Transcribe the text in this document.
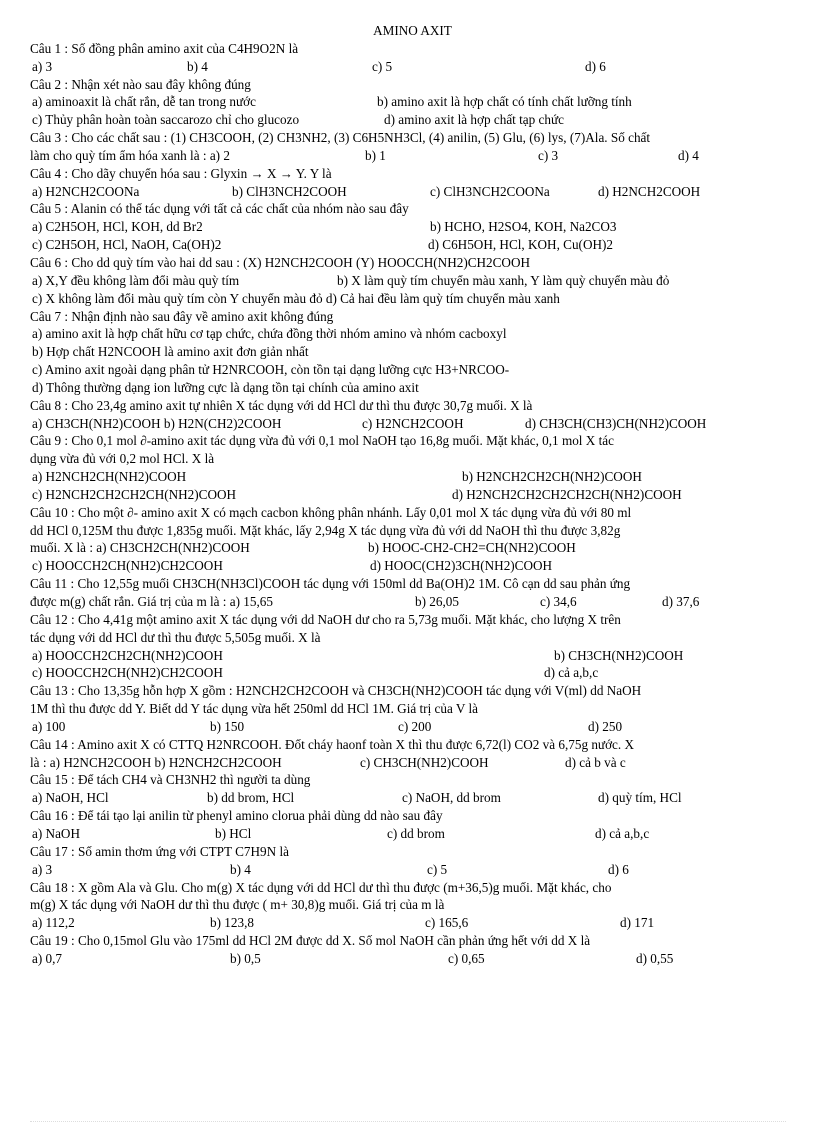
AMINO AXIT
Câu 1 : Số đồng phân amino axit của C4H9O2N là
a) 3	b) 4	c) 5	d) 6
Câu 2 : Nhận xét nào sau đây không đúng
a) aminoaxit là chất rắn, dễ tan trong nước	b) amino axit là hợp chất có tính chất lưỡng tính
c) Thủy phân hoàn toàn saccarozo chỉ cho glucozo	d) amino axit là hợp chất tạp chức
Câu 3 : Cho các chất sau : (1) CH3COOH, (2) CH3NH2, (3) C6H5NH3Cl, (4) anilin, (5) Glu, (6) lys, (7)Ala. Số chất
làm cho quỳ tím ẩm hóa xanh là : a) 2	b) 1	c) 3	d) 4
Câu 4 : Cho dãy chuyển hóa sau : Glyxin → X → Y. Y là
a) H2NCH2COONa	b) ClH3NCH2COOH	c) ClH3NCH2COONa	d) H2NCH2COOH
Câu 5 : Alanin có thể tác dụng với tất cả các chất của nhóm nào sau đây
a) C2H5OH, HCl, KOH, dd Br2	b) HCHO, H2SO4, KOH, Na2CO3
c) C2H5OH, HCl, NaOH, Ca(OH)2	d) C6H5OH, HCl, KOH, Cu(OH)2
Câu 6 : Cho dd quỳ tím vào hai dd sau : (X) H2NCH2COOH (Y) HOOCCH(NH2)CH2COOH
a) X,Y đều không làm đổi màu quỳ tím	b) X làm quỳ tím chuyển màu xanh, Y làm quỳ chuyển màu đỏ
c) X không làm đổi màu quỳ tím còn Y chuyển màu đỏ d) Cả hai đều làm quỳ tím chuyển màu xanh
Câu 7 : Nhận định nào sau đây về amino axit không đúng
a) amino axit là hợp chất hữu cơ tạp chức, chứa đồng thời nhóm amino và nhóm cacboxyl
b) Hợp chất H2NCOOH là amino axit đơn giản nhất
c) Amino axit ngoài dạng phân tử H2NRCOOH, còn tồn tại dạng lưỡng cực H3+NRCOO-
d) Thông thường dạng ion lưỡng cực là dạng tồn tại chính của amino axit
Câu 8 : Cho 23,4g amino axit tự nhiên X tác dụng với dd HCl dư thì thu được 30,7g muối. X là
a) CH3CH(NH2)COOH b) H2N(CH2)2COOH	c) H2NCH2COOH	d) CH3CH(CH3)CH(NH2)COOH
Câu 9 : Cho 0,1 mol ∂-amino axit tác dụng vừa đủ với 0,1 mol NaOH tạo 16,8g muối. Mặt khác, 0,1 mol X tác
dụng vừa đủ với 0,2 mol HCl. X là
a) H2NCH2CH(NH2)COOH	b) H2NCH2CH2CH(NH2)COOH
c) H2NCH2CH2CH2CH(NH2)COOH	d) H2NCH2CH2CH2CH2CH(NH2)COOH
Câu 10 : Cho một ∂- amino axit X có mạch cacbon không phân nhánh. Lấy 0,01 mol X tác dụng vừa đủ với 80 ml
dd HCl 0,125M thu được 1,835g muối. Mặt khác, lấy 2,94g X tác dụng vừa đủ với dd NaOH thì thu được 3,82g
muối. X là : a) CH3CH2CH(NH2)COOH	b) HOOC-CH2-CH2=CH(NH2)COOH
c) HOOCCH2CH(NH2)CH2COOH	d) HOOC(CH2)3CH(NH2)COOH
Câu 11 : Cho 12,55g muối CH3CH(NH3Cl)COOH tác dụng với 150ml dd Ba(OH)2 1M. Cô cạn dd sau phản ứng
được m(g) chất rắn. Giá trị của m là : a) 15,65	b) 26,05	c) 34,6	d) 37,6
Câu 12 : Cho 4,41g một amino axit X tác dụng với dd NaOH dư cho ra 5,73g muối. Mặt khác, cho lượng X trên
tác dụng với dd HCl dư thì thu được 5,505g muối. X là
a) HOOCCH2CH2CH(NH2)COOH	b) CH3CH(NH2)COOH
c) HOOCCH2CH(NH2)CH2COOH	d) cả a,b,c
Câu 13 : Cho 13,35g hỗn hợp X gồm : H2NCH2CH2COOH và CH3CH(NH2)COOH tác dụng với V(ml) dd NaOH
1M thì thu được dd Y. Biết dd Y tác dụng vừa hết 250ml dd HCl 1M. Giá trị của V là
a) 100	b) 150	c) 200	d) 250
Câu 14 : Amino axit X có CTTQ H2NRCOOH. Đốt cháy haonf toàn X thì thu được 6,72(l) CO2 và 6,75g nước. X
là : a) H2NCH2COOH b) H2NCH2CH2COOH	c) CH3CH(NH2)COOH	d) cả b và c
Câu 15 : Để tách CH4 và CH3NH2 thì người ta dùng
a) NaOH, HCl	b) dd brom, HCl	c) NaOH, dd brom	d) quỳ tím, HCl
Câu 16 : Để tái tạo lại anilin từ phenyl amino clorua phải dùng dd nào sau đây
a) NaOH	b) HCl	c) dd brom	d) cả a,b,c
Câu 17 : Số amin thơm ứng với CTPT C7H9N là
a) 3	b) 4	c) 5	d) 6
Câu 18 : X gồm Ala và Glu. Cho m(g) X tác dụng với dd HCl dư thì thu được (m+36,5)g muối. Mặt khác, cho
m(g) X tác dụng với NaOH dư thì thu được ( m+ 30,8)g muối. Giá trị của m là
a) 112,2	b) 123,8	c) 165,6	d) 171
Câu 19 : Cho 0,15mol Glu vào 175ml dd HCl 2M được dd X. Số mol NaOH cần phản ứng hết với dd X là
a) 0,7	b) 0,5	c) 0,65	d) 0,55
